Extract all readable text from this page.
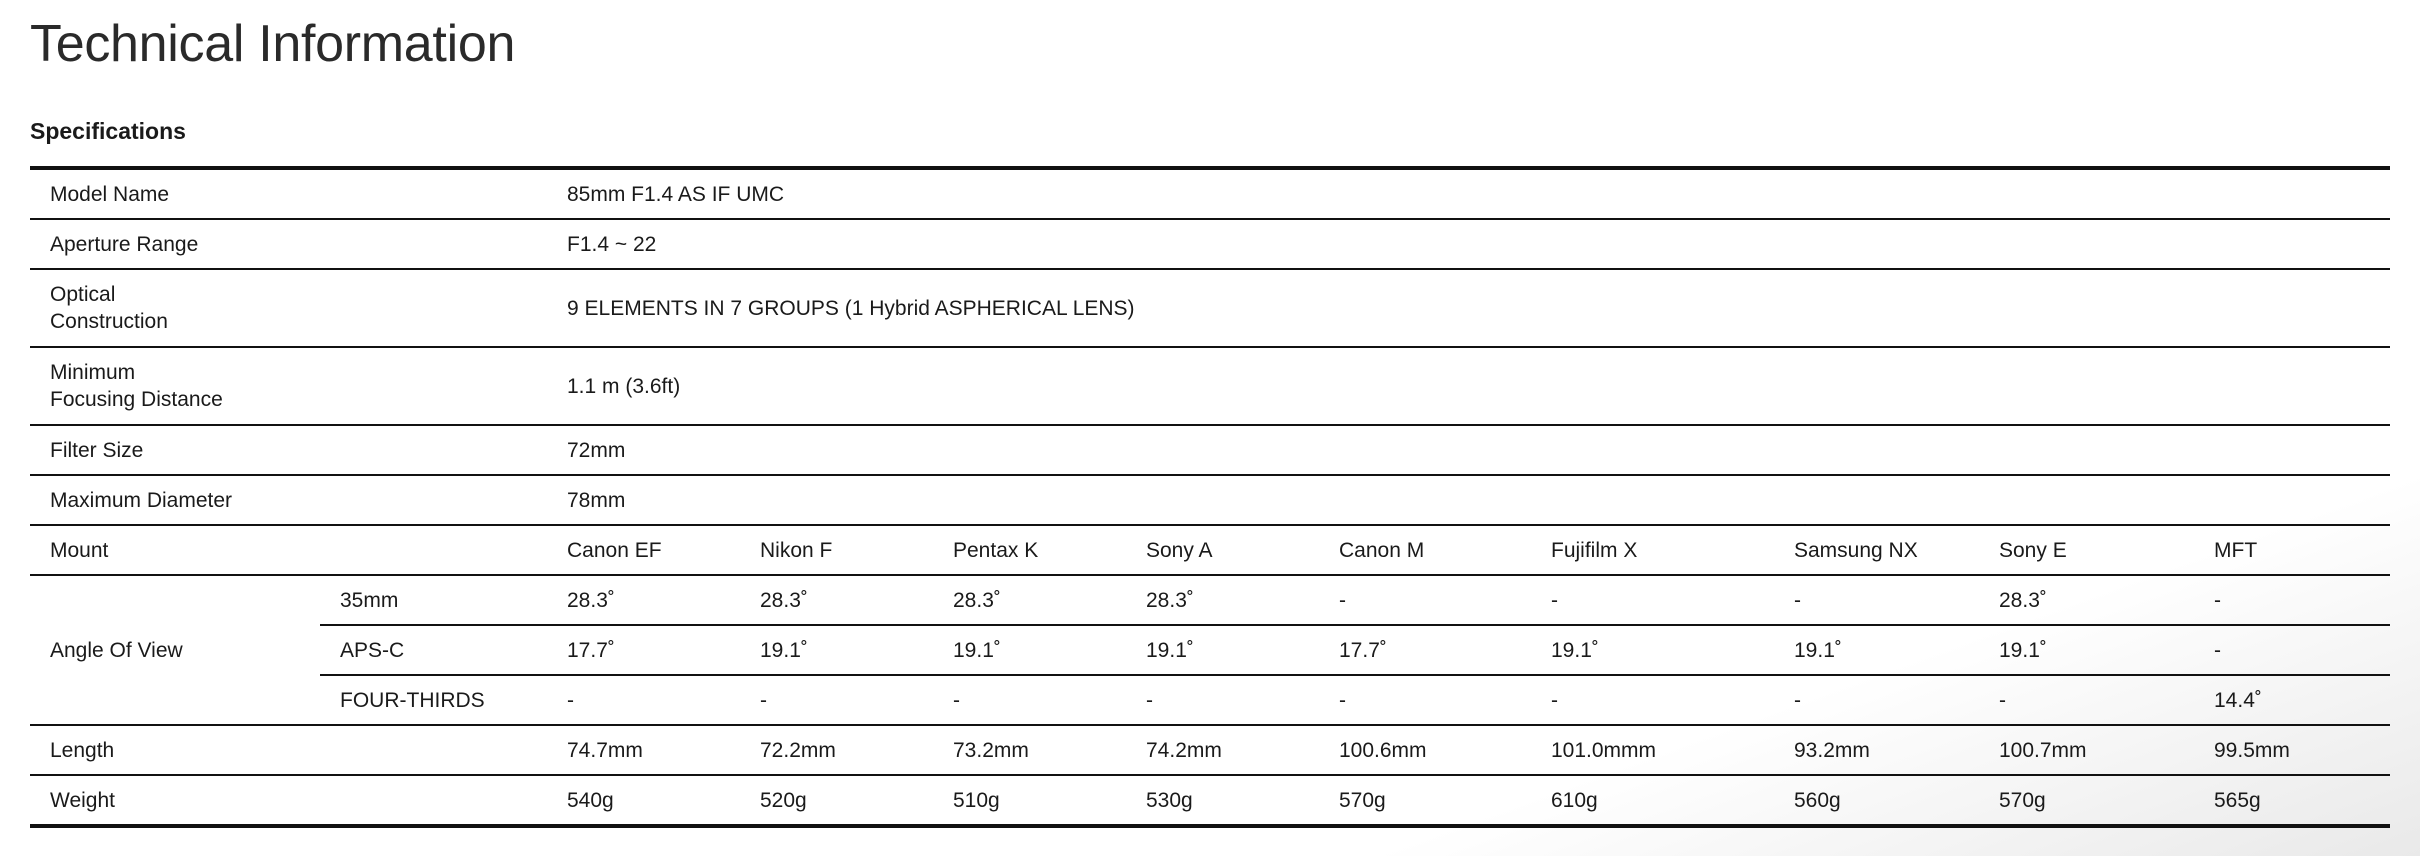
Technical Information
Specifications
Model Name		85mm F1.4 AS IF UMC								
Aperture Range		F1.4 ~ 22								
Optical
Construction		9 ELEMENTS IN 7 GROUPS (1 Hybrid ASPHERICAL LENS)								
Minimum
Focusing Distance		1.1 m (3.6ft)								
Filter Size		72mm								
Maximum Diameter		78mm								
Mount		Canon EF	Nikon F	Pentax K	Sony A	Canon M	Fujifilm X	Samsung NX	Sony E	MFT
Angle Of View	35mm	28.3˚	28.3˚	28.3˚	28.3˚	-	-	-	28.3˚	-
	APS-C	17.7˚	19.1˚	19.1˚	19.1˚	17.7˚	19.1˚	19.1˚	19.1˚	-
	FOUR-THIRDS	-	-	-	-	-	-	-	-	14.4˚
Length		74.7mm	72.2mm	73.2mm	74.2mm	100.6mm	101.0mmm	93.2mm	100.7mm	99.5mm
Weight		540g	520g	510g	530g	570g	610g	560g	570g	565g
